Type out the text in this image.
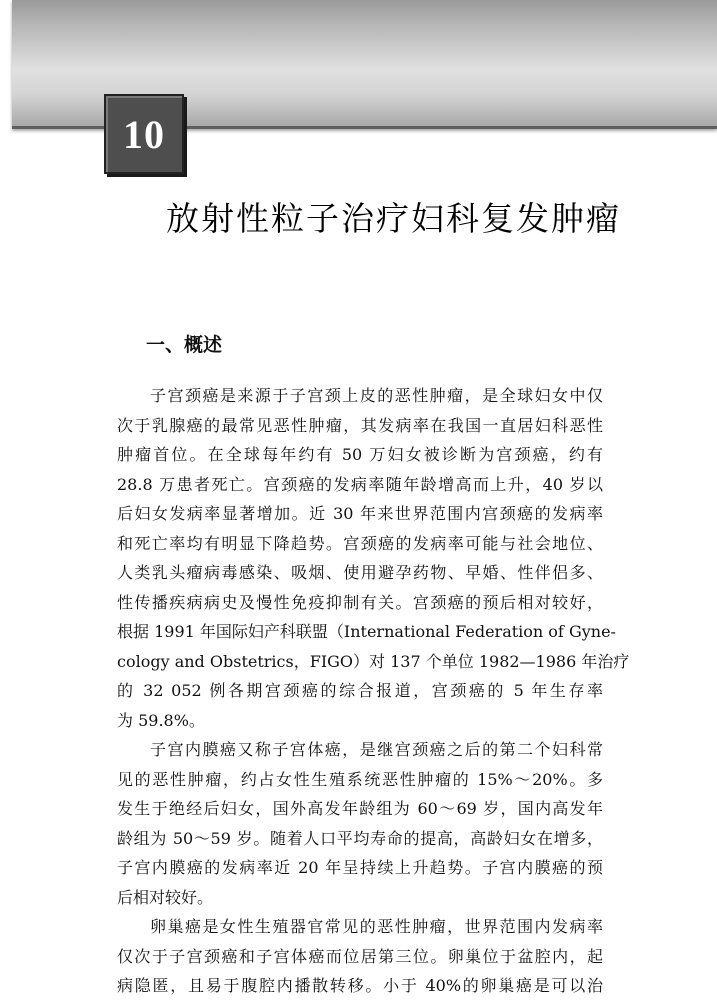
10
放射性粒子治疗妇科复发肿瘤
一、概述
子宫颈癌是来源于子宫颈上皮的恶性肿瘤，是全球妇女中仅
次于乳腺癌的最常见恶性肿瘤，其发病率在我国一直居妇科恶性
肿瘤首位。在全球每年约有 50 万妇女被诊断为宫颈癌，约有
28.8 万患者死亡。宫颈癌的发病率随年龄增高而上升，40 岁以
后妇女发病率显著增加。近 30 年来世界范围内宫颈癌的发病率
和死亡率均有明显下降趋势。宫颈癌的发病率可能与社会地位、
人类乳头瘤病毒感染、吸烟、使用避孕药物、早婚、性伴侣多、
性传播疾病病史及慢性免疫抑制有关。宫颈癌的预后相对较好，
根据 1991 年国际妇产科联盟（International Federation of Gyne-
cology and Obstetrics，FIGO）对 137 个单位 1982—1986 年治疗
的 32 052 例各期宫颈癌的综合报道，宫颈癌的 5 年生存率
为 59.8%。
子宫内膜癌又称子宫体癌，是继宫颈癌之后的第二个妇科常
见的恶性肿瘤，约占女性生殖系统恶性肿瘤的 15%～20%。多
发生于绝经后妇女，国外高发年龄组为 60～69 岁，国内高发年
龄组为 50～59 岁。随着人口平均寿命的提高，高龄妇女在增多，
子宫内膜癌的发病率近 20 年呈持续上升趋势。子宫内膜癌的预
后相对较好。
卵巢癌是女性生殖器官常见的恶性肿瘤，世界范围内发病率
仅次于子宫颈癌和子宫体癌而位居第三位。卵巢位于盆腔内，起
病隐匿，且易于腹腔内播散转移。小于 40%的卵巢癌是可以治
